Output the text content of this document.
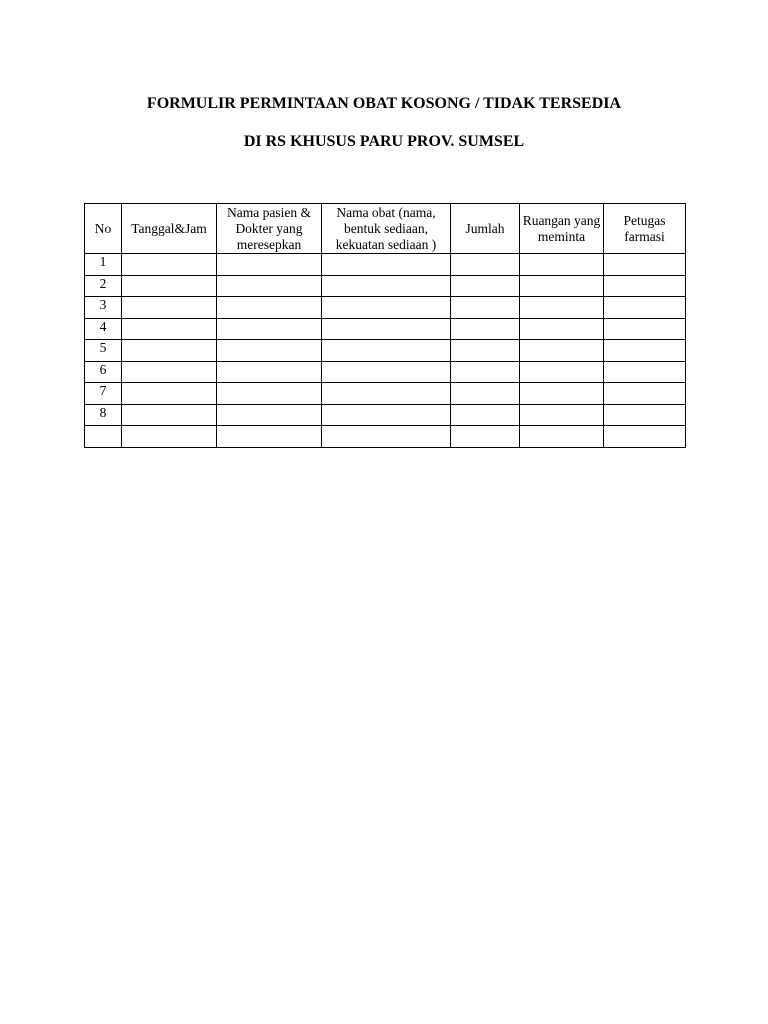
FORMULIR PERMINTAAN OBAT KOSONG / TIDAK TERSEDIA
DI RS KHUSUS PARU PROV. SUMSEL
No	Tanggal&Jam	Nama pasien & Dokter yang meresepkan	Nama obat (nama, bentuk sediaan, kekuatan sediaan )	Jumlah	Ruangan yang meminta	Petugas farmasi
1						
2						
3						
4						
5						
6						
7						
8						
